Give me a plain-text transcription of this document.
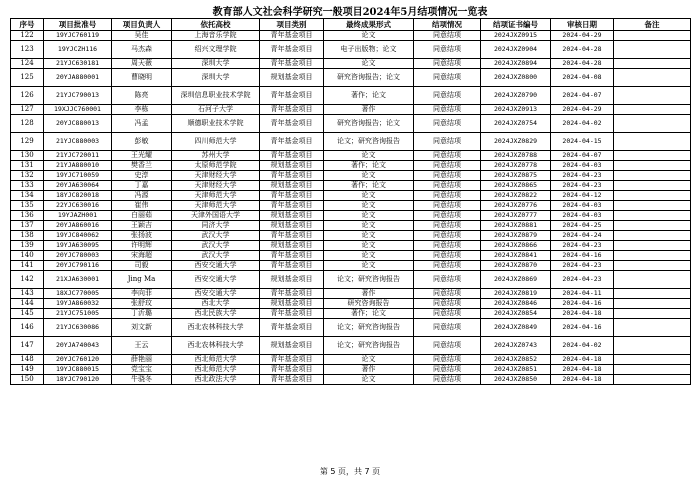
教育部人文社会科学研究一般项目2024年5月结项情况一览表
序号	项目批准号	项目负责人	依托高校	项目类别	最终成果形式	结项情况	结项证书编号	审核日期	备注
122	19YJC760119	吴佳	上海音乐学院	青年基金项目	论文	同意结项	2024JXZ0915	2024-04-29	
123	19YJCZH116	马杰森	绍兴文理学院	青年基金项目	电子出版物；论文	同意结项	2024JXZ0904	2024-04-28	
124	21YJC630181	周天薇	深圳大学	青年基金项目	论文	同意结项	2024JXZ0894	2024-04-28	
125	20YJA880001	曹晓明	深圳大学	规划基金项目	研究咨询报告；论文	同意结项	2024JXZ0800	2024-04-08	
126	21YJC790013	陈亮	深圳信息职业技术学院	青年基金项目	著作；论文	同意结项	2024JXZ0790	2024-04-07	
127	19XJJC760001	李栋	石河子大学	青年基金项目	著作	同意结项	2024JXZ0913	2024-04-29	
128	20YJC880013	冯孟	顺德职业技术学院	青年基金项目	研究咨询报告；论文	同意结项	2024JXZ0754	2024-04-02	
129	21YJC880003	彭敏	四川师范大学	青年基金项目	论文；研究咨询报告	同意结项	2024JXZ0829	2024-04-15	
130	21YJC720011	王光耀	苏州大学	青年基金项目	论文	同意结项	2024JXZ0788	2024-04-07	
131	21YJA880010	樊香兰	太原师范学院	规划基金项目	著作；论文	同意结项	2024JXZ0778	2024-04-03	
132	19YJC710059	史淳	天津财经大学	青年基金项目	论文	同意结项	2024JXZ0875	2024-04-23	
133	20YJA630064	丁嘉	天津财经大学	规划基金项目	著作；论文	同意结项	2024JXZ0865	2024-04-23	
134	18YJC820018	冯源	天津师范大学	青年基金项目	论文	同意结项	2024JXZ0822	2024-04-12	
135	22YJC630016	崔伟	天津师范大学	青年基金项目	论文	同意结项	2024JXZ0776	2024-04-03	
136	19YJAZH001	白丽茹	天津外国语大学	规划基金项目	论文	同意结项	2024JXZ0777	2024-04-03	
137	20YJA860016	王颖吉	同济大学	规划基金项目	论文	同意结项	2024JXZ0881	2024-04-25	
138	19YJC840062	张扬波	武汉大学	青年基金项目	论文	同意结项	2024JXZ0879	2024-04-24	
139	19YJA630095	许明辉	武汉大学	规划基金项目	论文	同意结项	2024JXZ0866	2024-04-23	
140	20YJC780003	宋海超	武汉大学	青年基金项目	论文	同意结项	2024JXZ0841	2024-04-16	
141	20YJC790116	司毅	西安交通大学	青年基金项目	论文	同意结项	2024JXZ0870	2024-04-23	
142	21XJA630001	Jing Ma	西安交通大学	规划基金项目	论文；研究咨询报告	同意结项	2024JXZ0869	2024-04-23	
143	18XJC770005	李向菲	西安交通大学	青年基金项目	著作	同意结项	2024JXZ0819	2024-04-11	
144	19YJA860032	张舒玟	西北大学	规划基金项目	研究咨询报告	同意结项	2024JXZ0846	2024-04-16	
145	21YJC751005	丁沂璐	西北民族大学	青年基金项目	著作；论文	同意结项	2024JXZ0854	2024-04-18	
146	21YJC630086	刘文新	西北农林科技大学	青年基金项目	论文；研究咨询报告	同意结项	2024JXZ0849	2024-04-16	
147	20YJA740043	王云	西北农林科技大学	规划基金项目	论文；研究咨询报告	同意结项	2024JXZ0743	2024-04-02	
148	20YJC760120	薛艳丽	西北师范大学	青年基金项目	论文	同意结项	2024JXZ0852	2024-04-18	
149	19YJC880015	党宝宝	西北师范大学	青年基金项目	著作	同意结项	2024JXZ0851	2024-04-18	
150	18YJC790120	牛骁冬	西北政法大学	青年基金项目	论文	同意结项	2024JXZ0850	2024-04-18	
第 5 页，共 7 页
